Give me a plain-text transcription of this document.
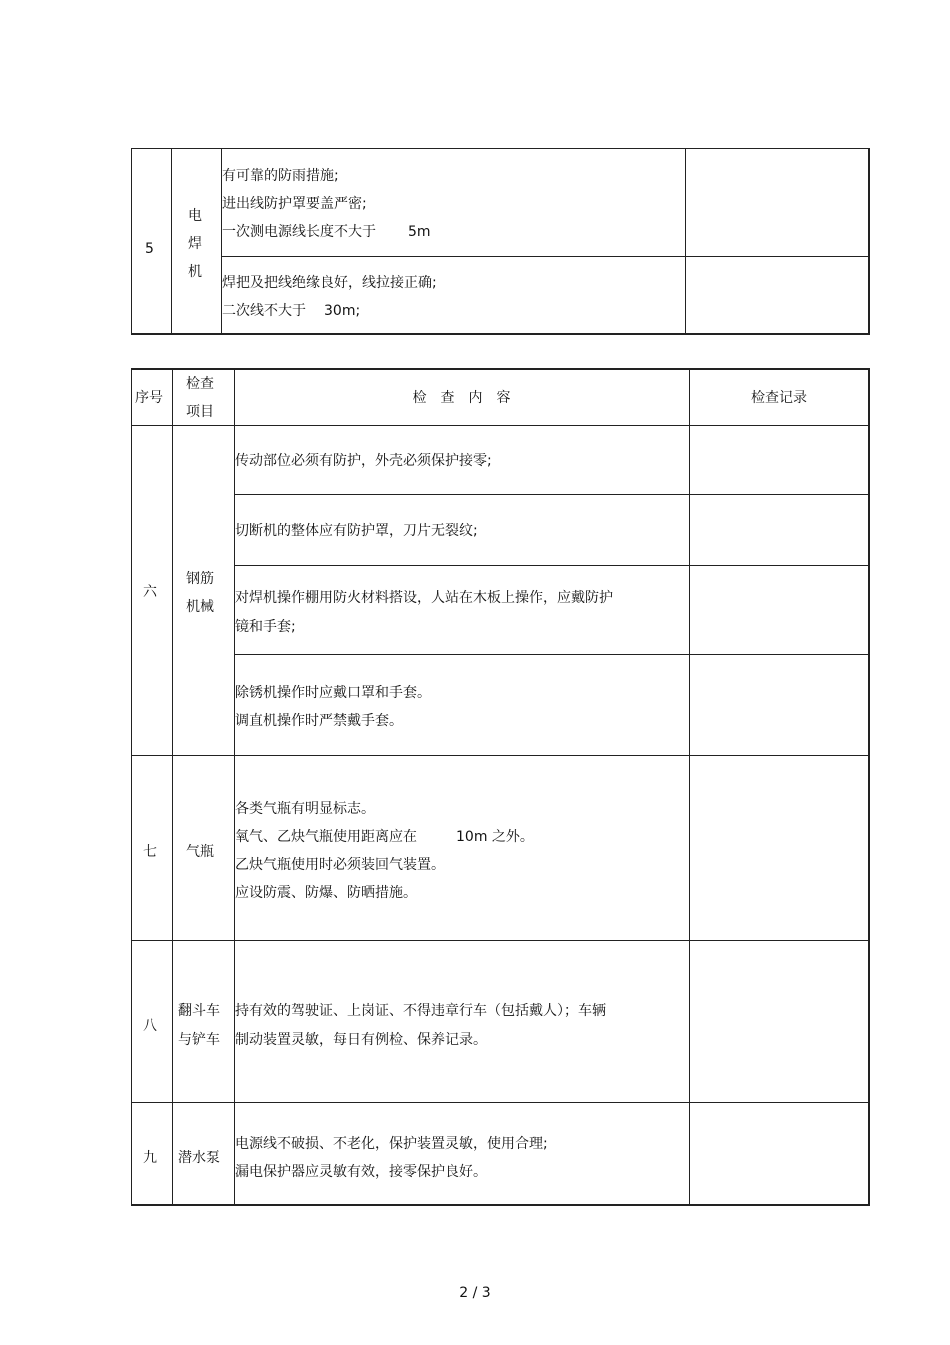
5
电
焊
机
有可靠的防雨措施;
进出线防护罩要盖严密;
一次测电源线长度不大于 5m
焊把及把线绝缘良好，线拉接正确;
二次线不大于 30m;
序号
检查
项目
检　查　内　容	检查记录
六
钢筋
机械
传动部位必须有防护，外壳必须保护接零;
切断机的整体应有防护罩，刀片无裂纹;
对焊机操作棚用防火材料搭设，人站在木板上操作，应戴防护
镜和手套;
除锈机操作时应戴口罩和手套。
调直机操作时严禁戴手套。
七 气瓶
各类气瓶有明显标志。
氧气、乙炔气瓶使用距离应在	10m 之外。
乙炔气瓶使用时必须装回气装置。
应设防震、防爆、防晒措施。
八
翻斗车
与铲车
持有效的驾驶证、上岗证、不得违章行车（包括戴人）；车辆
制动装置灵敏，每日有例检、保养记录。
九 潜水泵
电源线不破损、不老化，保护装置灵敏，使用合理;
漏电保护器应灵敏有效，接零保护良好。
2 / 3
